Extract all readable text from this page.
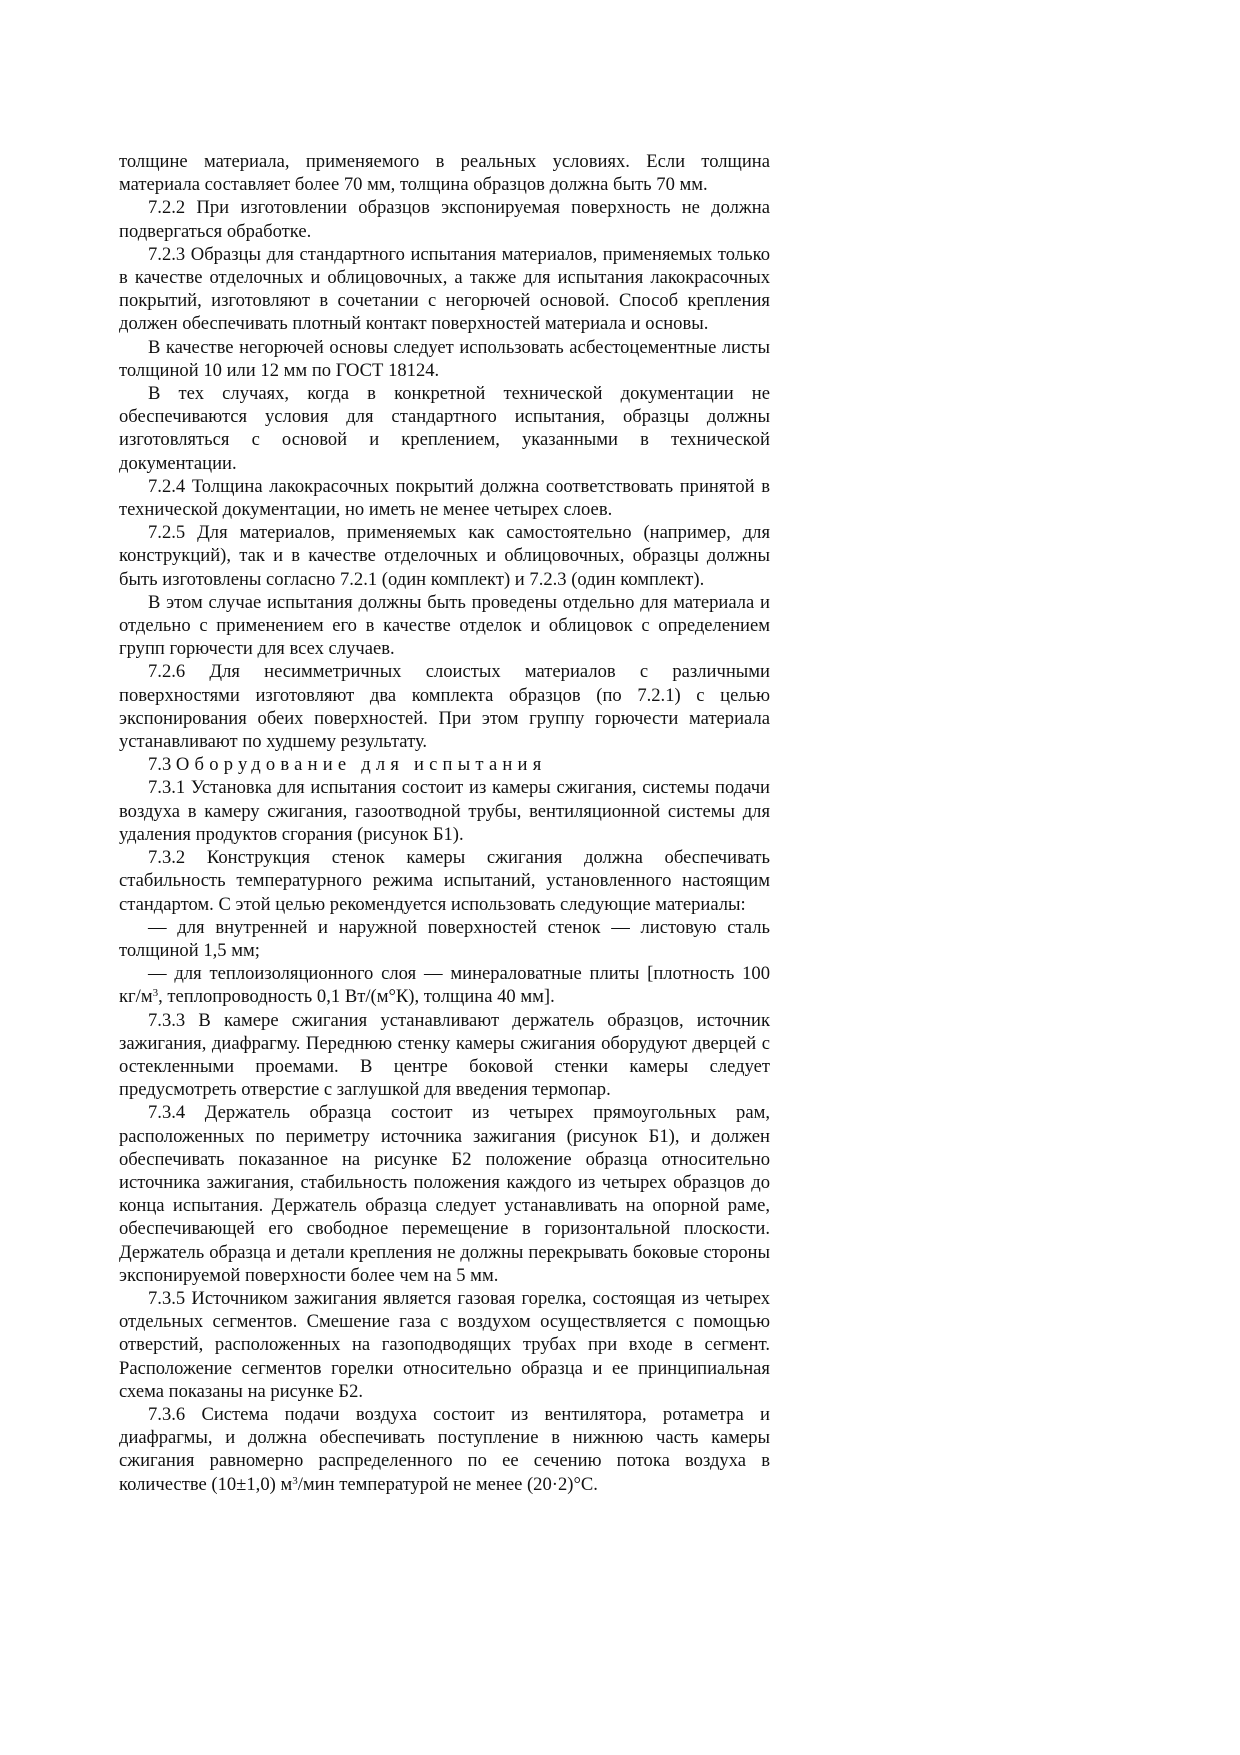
толщине материала, применяемого в реальных условиях. Если толщина материала составляет более 70 мм, толщина образцов должна быть 70 мм.

7.2.2 При изготовлении образцов экспонируемая поверхность не должна подвергаться обработке.

7.2.3 Образцы для стандартного испытания материалов, применяемых только в качестве отделочных и облицовочных, а также для испытания лакокрасочных покрытий, изготовляют в сочетании с негорючей основой. Способ крепления должен обеспечивать плотный контакт поверхностей материала и основы.

В качестве негорючей основы следует использовать асбестоцементные листы толщиной 10 или 12 мм по ГОСТ 18124.

В тех случаях, когда в конкретной технической документации не обеспечиваются условия для стандартного испытания, образцы должны изготовляться с основой и креплением, указанными в технической документации.

7.2.4 Толщина лакокрасочных покрытий должна соответствовать принятой в технической документации, но иметь не менее четырех слоев.

7.2.5 Для материалов, применяемых как самостоятельно (например, для конструкций), так и в качестве отделочных и облицовочных, образцы должны быть изготовлены согласно 7.2.1 (один комплект) и 7.2.3 (один комплект).

В этом случае испытания должны быть проведены отдельно для материала и отдельно с применением его в качестве отделок и облицовок с определением групп горючести для всех случаев.

7.2.6 Для несимметричных слоистых материалов с различными поверхностями изготовляют два комплекта образцов (по 7.2.1) с целью экспонирования обеих поверхностей. При этом группу горючести материала устанавливают по худшему результату.

7.3 Оборудование для испытания

7.3.1 Установка для испытания состоит из камеры сжигания, системы подачи воздуха в камеру сжигания, газоотводной трубы, вентиляционной системы для удаления продуктов сгорания (рисунок Б1).

7.3.2 Конструкция стенок камеры сжигания должна обеспечивать стабильность температурного режима испытаний, установленного настоящим стандартом. С этой целью рекомендуется использовать следующие материалы:

— для внутренней и наружной поверхностей стенок — листовую сталь толщиной 1,5 мм;

— для теплоизоляционного слоя — минераловатные плиты [плотность 100 $кг/м^3$, теплопроводность 0,1 Вт/(м°К), толщина 40 мм].

7.3.3 В камере сжигания устанавливают держатель образцов, источник зажигания, диафрагму. Переднюю стенку камеры сжигания оборудуют дверцей с остекленными проемами. В центре боковой стенки камеры следует предусмотреть отверстие с заглушкой для введения термопар.

7.3.4 Держатель образца состоит из четырех прямоугольных рам, расположенных по периметру источника зажигания (рисунок Б1), и должен обеспечивать показанное на рисунке Б2 положение образца относительно источника зажигания, стабильность положения каждого из четырех образцов до конца испытания. Держатель образца следует устанавливать на опорной раме, обеспечивающей его свободное перемещение в горизонтальной плоскости. Держатель образца и детали крепления не должны перекрывать боковые стороны экспонируемой поверхности более чем на 5 мм.

7.3.5 Источником зажигания является газовая горелка, состоящая из четырех отдельных сегментов. Смешение газа с воздухом осуществляется с помощью отверстий, расположенных на газоподводящих трубах при входе в сегмент. Расположение сегментов горелки относительно образца и ее принципиальная схема показаны на рисунке Б2.

7.3.6 Система подачи воздуха состоит из вентилятора, ротаметра и диафрагмы, и должна обеспечивать поступление в нижнюю часть камеры сжигания равномерно распределенного по ее сечению потока воздуха в количестве (10±1,0) $м^3$/мин температурой не менее (20·2)°С.
